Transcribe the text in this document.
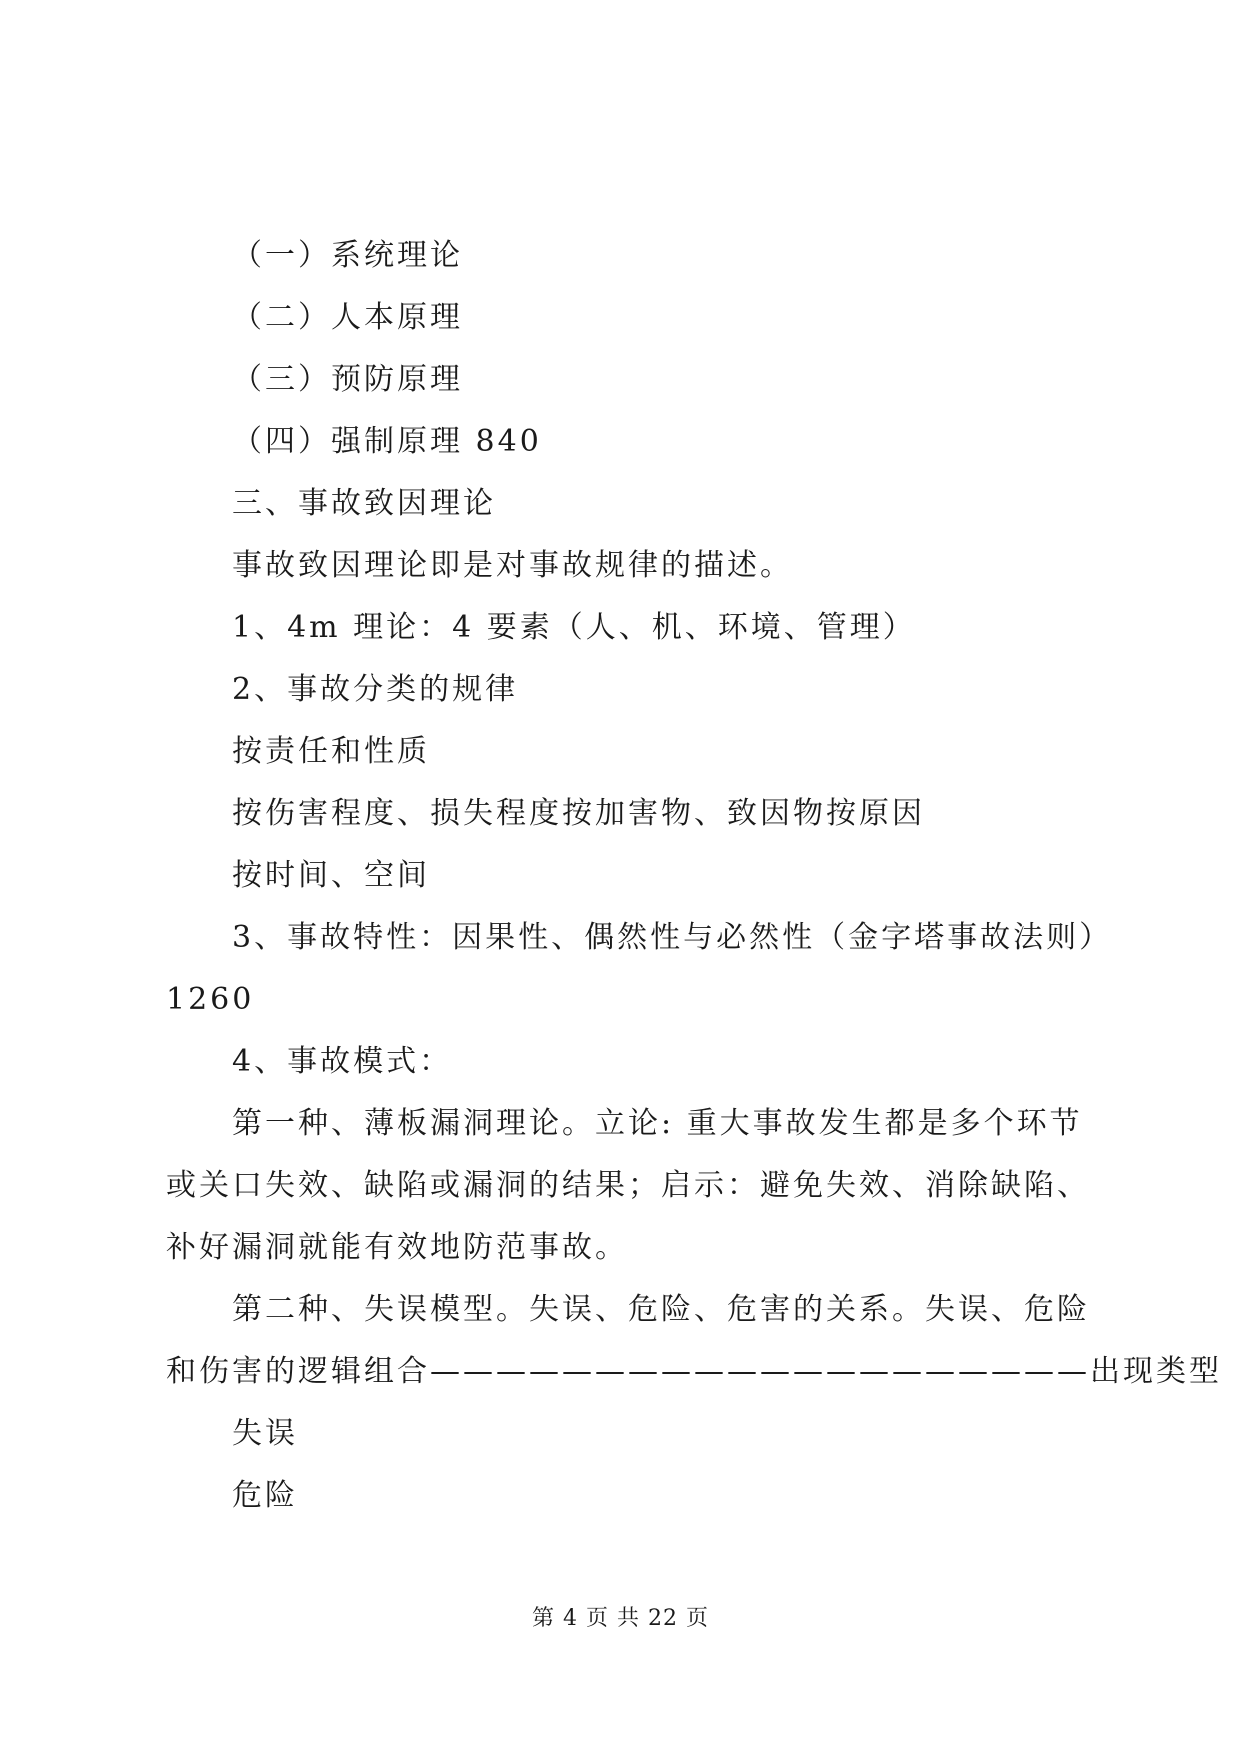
（一）系统理论
（二）人本原理
（三）预防原理
（四）强制原理 840
三、事故致因理论
事故致因理论即是对事故规律的描述。
1、4m 理论：4 要素（人、机、环境、管理）
2、事故分类的规律
按责任和性质
按伤害程度、损失程度按加害物、致因物按原因
按时间、空间
3、事故特性：因果性、偶然性与必然性（金字塔事故法则）
1260
4、事故模式：
第一种、薄板漏洞理论。立论: 重大事故发生都是多个环节
或关口失效、缺陷或漏洞的结果；启示：避免失效、消除缺陷、
补好漏洞就能有效地防范事故。
第二种、失误模型。失误、危险、危害的关系。失误、危险
和伤害的逻辑组合————————————————————出现类型
失误
危险
第 4 页 共 22 页
